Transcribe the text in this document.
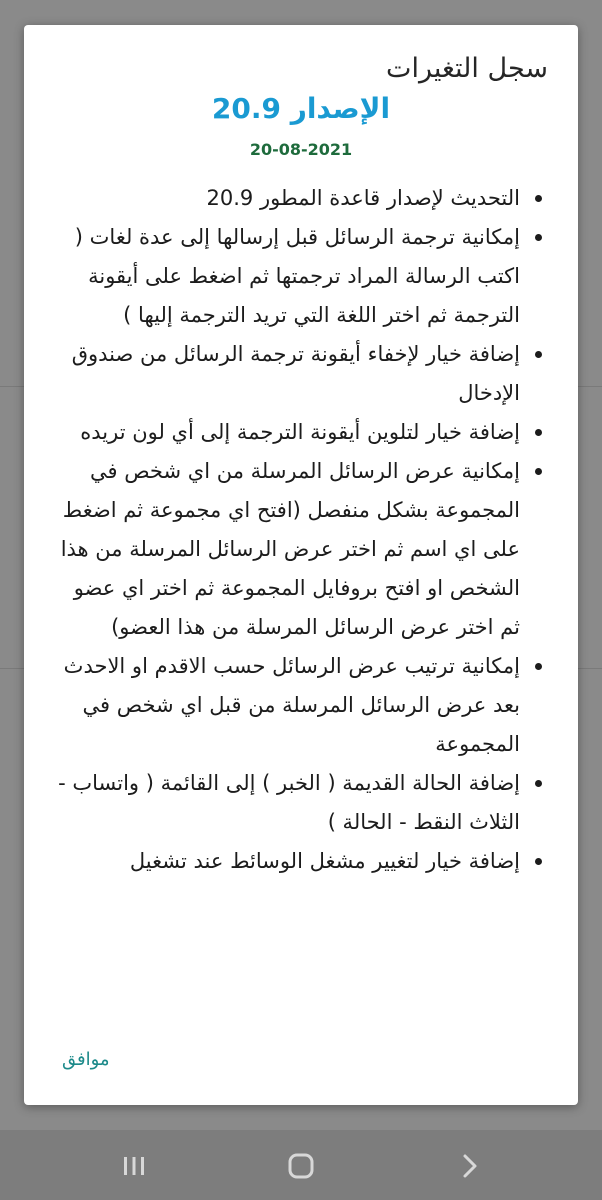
سجل التغيرات
الإصدار 20.9
20-08-2021
التحديث لإصدار قاعدة المطور 20.9
إمكانية ترجمة الرسائل قبل إرسالها إلى عدة لغات ( اكتب الرسالة المراد ترجمتها ثم اضغط على أيقونة الترجمة ثم اختر اللغة التي تريد الترجمة إليها )
إضافة خيار لإخفاء أيقونة ترجمة الرسائل من صندوق الإدخال
إضافة خيار لتلوين أيقونة الترجمة إلى أي لون تريده
إمكانية عرض الرسائل المرسلة من اي شخص في المجموعة بشكل منفصل (افتح اي مجموعة ثم اضغط على اي اسم ثم اختر عرض الرسائل المرسلة من هذا الشخص او افتح بروفايل المجموعة ثم اختر اي عضو ثم اختر عرض الرسائل المرسلة من هذا العضو)
إمكانية ترتيب عرض الرسائل حسب الاقدم او الاحدث بعد عرض الرسائل المرسلة من قبل اي شخص في المجموعة
إضافة الحالة القديمة ( الخبر ) إلى القائمة ( واتساب - الثلاث النقط - الحالة )
إضافة خيار لتغيير مشغل الوسائط عند تشغيل
موافق
